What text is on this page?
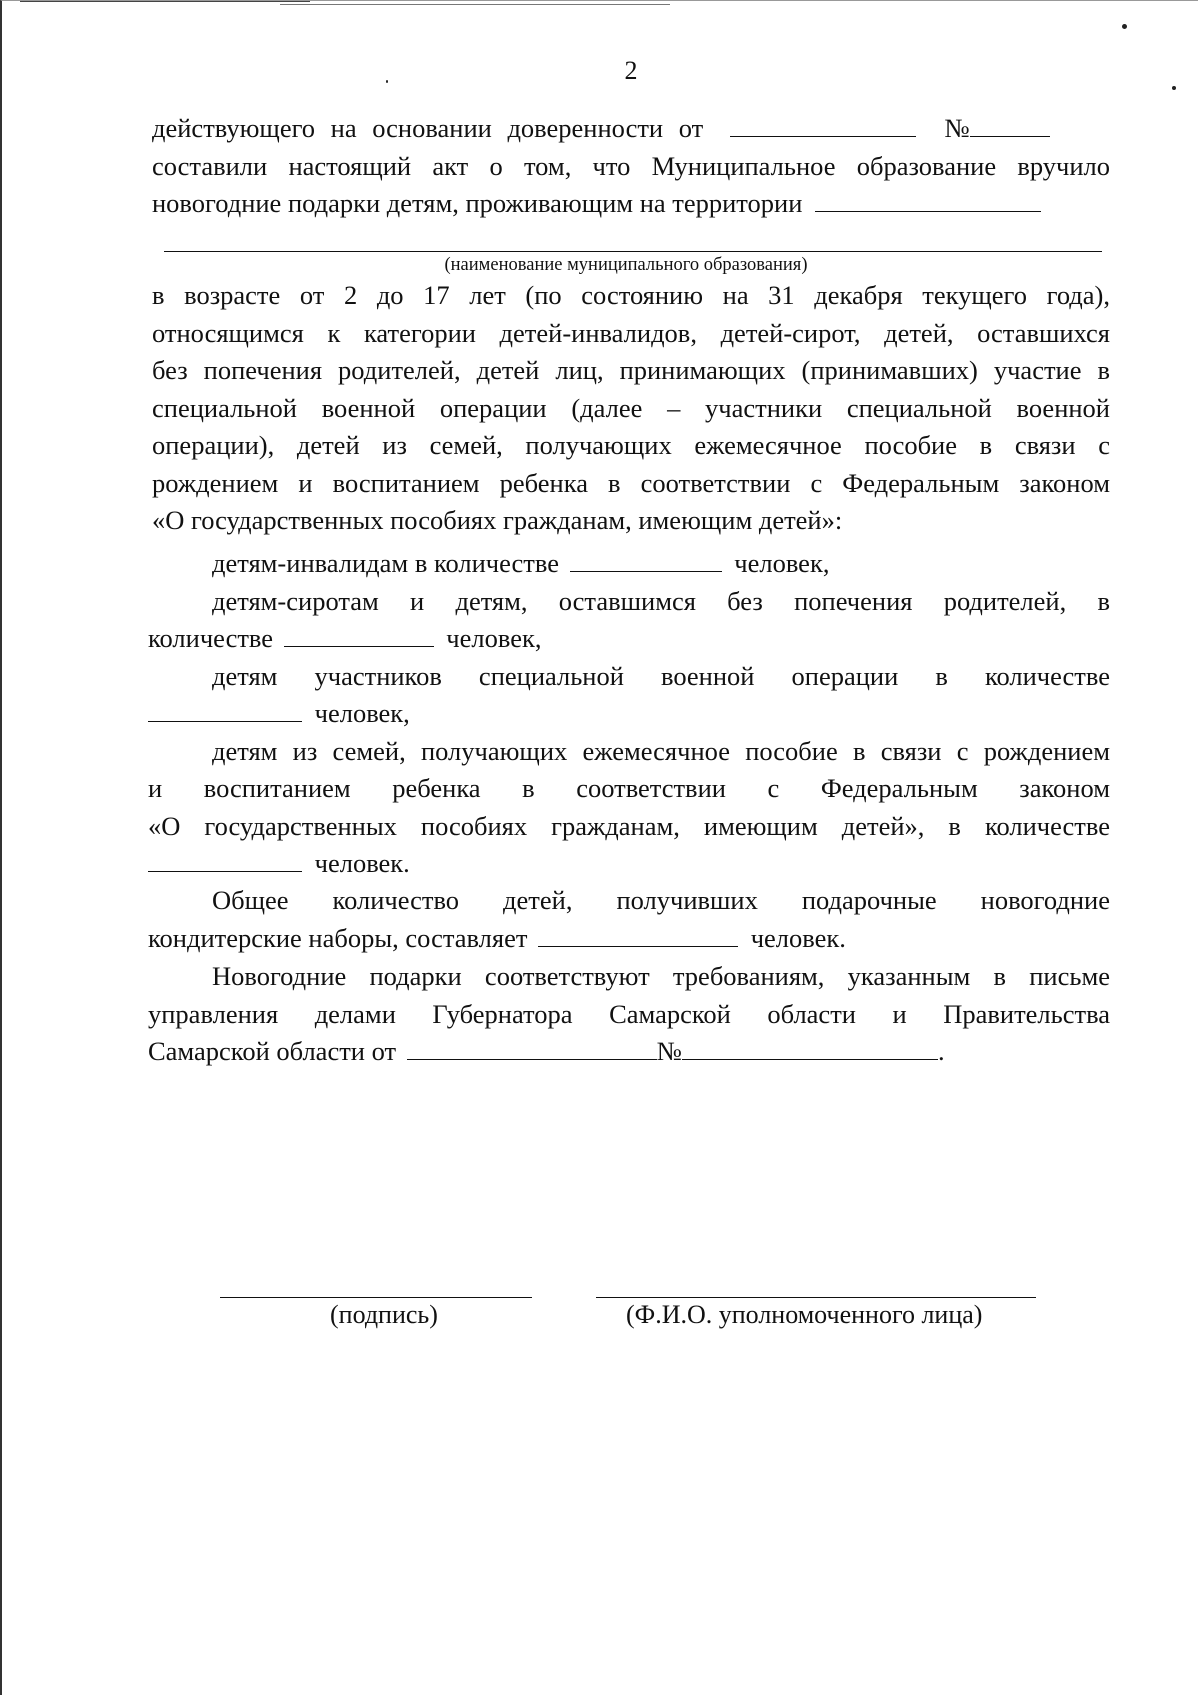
2
действующего на основании доверенности от	№
составили настоящий акт о том, что Муниципальное образование вручило
новогодние подарки детям, проживающим на территории
(наименование муниципального образования)
в возрасте от 2 до 17 лет (по состоянию на 31 декабря текущего года),
относящимся к категории детей-инвалидов, детей-сирот, детей, оставшихся
без попечения родителей, детей лиц, принимающих (принимавших) участие в
специальной военной операции (далее – участники специальной военной
операции), детей из семей, получающих ежемесячное пособие в связи с
рождением и воспитанием ребенка в соответствии с Федеральным законом
«О государственных пособиях гражданам, имеющим детей»:
детям-инвалидам в количестве	человек,
детям-сиротам и детям, оставшимся без попечения родителей, в
количестве	человек,
детям участников специальной военной операции в количестве
человек,
детям из семей, получающих ежемесячное пособие в связи с рождением
и воспитанием ребенка в соответствии с Федеральным законом
«О государственных пособиях гражданам, имеющим детей», в количестве
человек.
Общее количество детей, получивших подарочные новогодние
кондитерские наборы, составляет	человек.
Новогодние подарки соответствуют требованиям, указанным в письме
управления делами Губернатора Самарской области и Правительства
Самарской области от	№	.
(подпись)	(Ф.И.О. уполномоченного лица)
